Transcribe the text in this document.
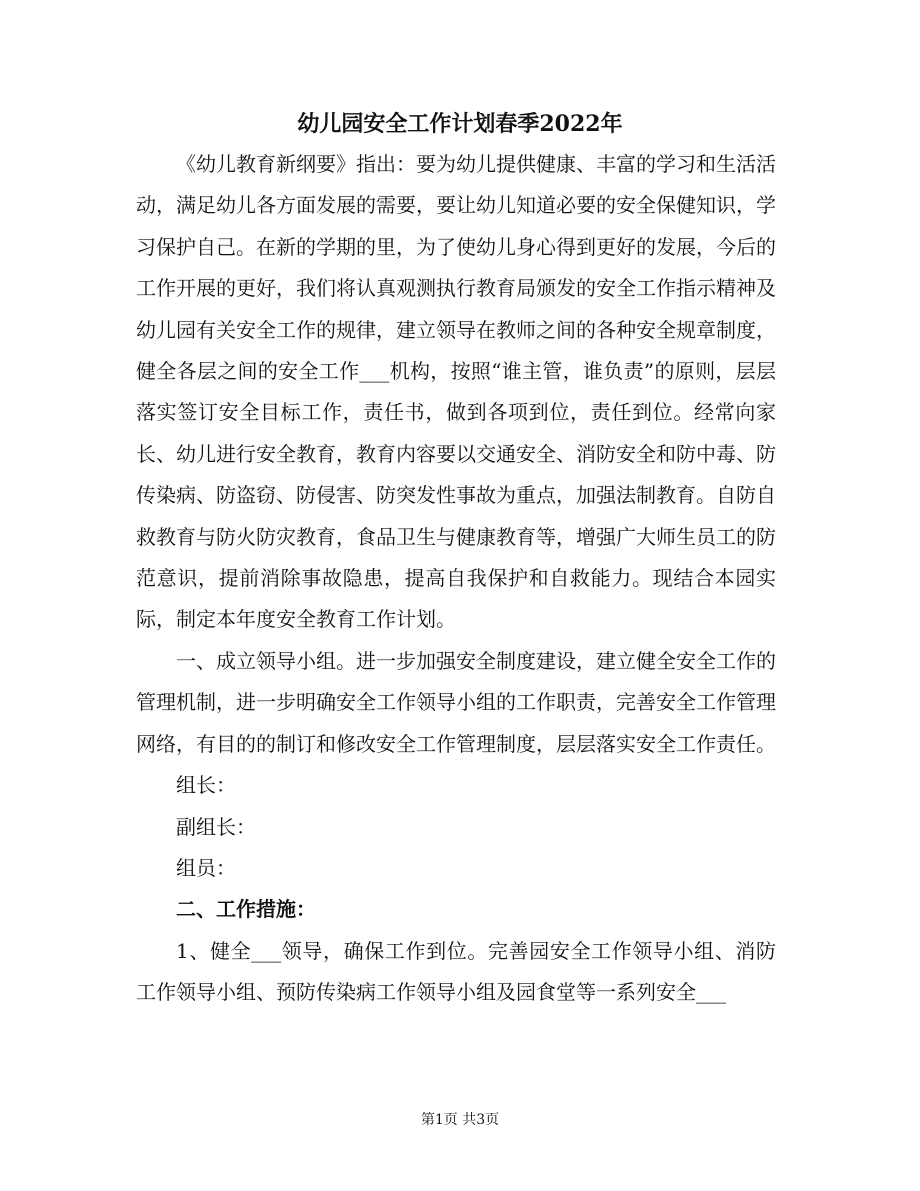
幼儿园安全工作计划春季2022年

《幼儿教育新纲要》指出：要为幼儿提供健康、丰富的学习和生活活动，满足幼儿各方面发展的需要，要让幼儿知道必要的安全保健知识，学习保护自己。在新的学期的里，为了使幼儿身心得到更好的发展，今后的工作开展的更好，我们将认真观测执行教育局颁发的安全工作指示精神及幼儿园有关安全工作的规律，建立领导在教师之间的各种安全规章制度，健全各层之间的安全工作___机构，按照“谁主管，谁负责”的原则，层层落实签订安全目标工作，责任书，做到各项到位，责任到位。经常向家长、幼儿进行安全教育，教育内容要以交通安全、消防安全和防中毒、防传染病、防盗窃、防侵害、防突发性事故为重点，加强法制教育。自防自救教育与防火防灾教育，食品卫生与健康教育等，增强广大师生员工的防范意识，提前消除事故隐患，提高自我保护和自救能力。现结合本园实际，制定本年度安全教育工作计划。

一、成立领导小组。进一步加强安全制度建设，建立健全安全工作的管理机制，进一步明确安全工作领导小组的工作职责，完善安全工作管理网络，有目的的制订和修改安全工作管理制度，层层落实安全工作责任。

组长：

副组长：

组员：

二、工作措施：

1、健全___领导，确保工作到位。完善园安全工作领导小组、消防工作领导小组、预防传染病工作领导小组及园食堂等一系列安全___

第1页 共3页
